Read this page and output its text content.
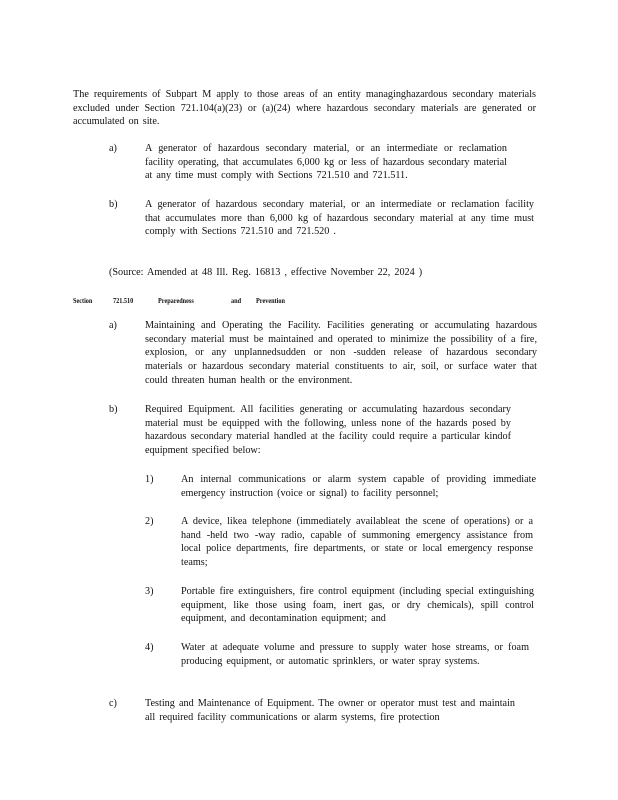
The requirements of Subpart M apply to those areas of an entity managinghazardous secondary materials excluded under Section 721.104(a)(23) or (a)(24) where hazardous secondary materials are generated or accumulated on site.
a)	A generator of hazardous secondary material, or an intermediate or reclamation facility operating, that accumulates 6,000 kg or less of hazardous secondary material at any time must comply with Sections 721.510 and 721.511.
b)	A generator of hazardous secondary material, or an intermediate or reclamation facility that accumulates more than 6,000 kg of hazardous secondary material at any time must comply with Sections 721.510 and 721.520 .
(Source: Amended at 48 Ill. Reg. 16813 , effective November 22, 2024 )
Section	721.510	Preparedness	and Prevention
a)	Maintaining and Operating the Facility. Facilities generating or accumulating hazardous secondary material must be maintained and operated to minimize the possibility of a fire, explosion, or any unplannedsudden or non -sudden release of hazardous secondary materials or hazardous secondary material constituents to air, soil, or surface water that could threaten human health or the environment.
b)	Required Equipment. All facilities generating or accumulating hazardous secondary material must be equipped with the following, unless none of the hazards posed by hazardous secondary material handled at the facility could require a particular kindof equipment specified below:
1)	An internal communications or alarm system capable of providing immediate emergency instruction (voice or signal) to facility personnel;
2)	A device, likea telephone (immediately availableat the scene of operations) or a hand -held two -way radio, capable of summoning emergency assistance from local police departments, fire departments, or state or local emergency response teams;
3)	Portable fire extinguishers, fire control equipment (including special extinguishing equipment, like those using foam, inert gas, or dry chemicals), spill control equipment, and decontamination equipment; and
4)	Water at adequate volume and pressure to supply water hose streams, or foam producing equipment, or automatic sprinklers, or water spray systems.
c)	Testing and Maintenance of Equipment. The owner or operator must test and maintain all required facility communications or alarm systems, fire protection
